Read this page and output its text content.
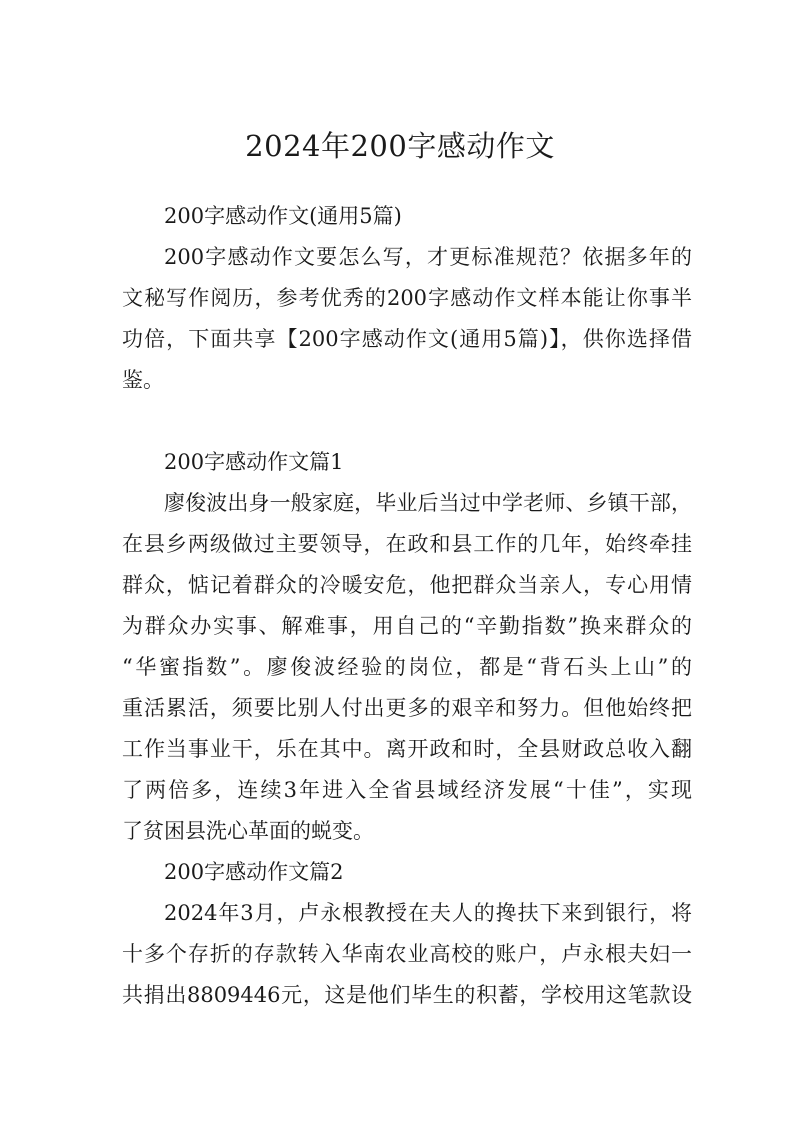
2024年200字感动作文
200字感动作文(通用5篇)
200字感动作文要怎么写，才更标准规范？依据多年的
文秘写作阅历，参考优秀的200字感动作文样本能让你事半
功倍，下面共享【200字感动作文(通用5篇)】，供你选择借
鉴。
200字感动作文篇1
廖俊波出身一般家庭，毕业后当过中学老师、乡镇干部，
在县乡两级做过主要领导，在政和县工作的几年，始终牵挂
群众，惦记着群众的冷暖安危，他把群众当亲人，专心用情
为群众办实事、解难事，用自己的“辛勤指数”换来群众的
“华蜜指数”。廖俊波经验的岗位，都是“背石头上山”的
重活累活，须要比别人付出更多的艰辛和努力。但他始终把
工作当事业干，乐在其中。离开政和时，全县财政总收入翻
了两倍多，连续3年进入全省县域经济发展“十佳”，实现
了贫困县洗心革面的蜕变。
200字感动作文篇2
2024年3月，卢永根教授在夫人的搀扶下来到银行，将
十多个存折的存款转入华南农业高校的账户，卢永根夫妇一
共捐出8809446元，这是他们毕生的积蓄，学校用这笔款设
